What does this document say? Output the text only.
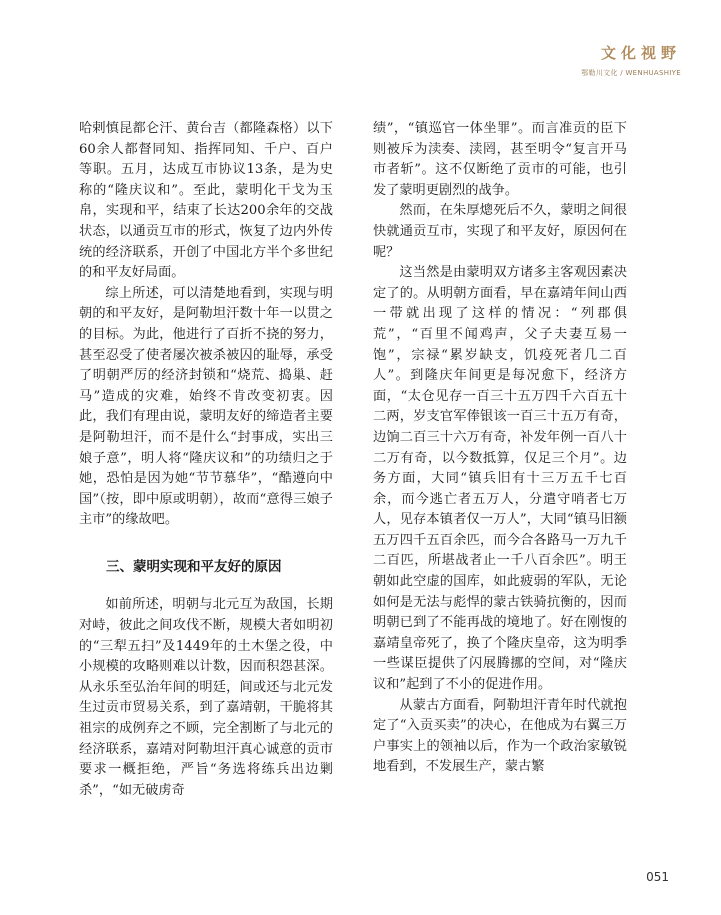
文化视野
鄂勒川文化 / WENHUASHIYE

哈剌慎昆都仑汗、黄台吉（都隆森格）以下60余人都督同知、指挥同知、千户、百户等职。五月，达成互市协议13条，是为史称的“隆庆议和”。至此，蒙明化干戈为玉帛，实现和平，结束了长达200余年的交战状态，以通贡互市的形式，恢复了边内外传统的经济联系，开创了中国北方半个多世纪的和平友好局面。

综上所述，可以清楚地看到，实现与明朝的和平友好，是阿勒坦汗数十年一以贯之的目标。为此，他进行了百折不挠的努力，甚至忍受了使者屡次被杀被囚的耻辱，承受了明朝严厉的经济封锁和“烧荒、捣巢、赶马”造成的灾难，始终不肯改变初衷。因此，我们有理由说，蒙明友好的缔造者主要是阿勒坦汗，而不是什么“封事成，实出三娘子意”，明人将“隆庆议和”的功绩归之于她，恐怕是因为她“节节慕华”，“酷遵向中国”（按，即中原或明朝），故而“意得三娘子主市”的缘故吧。

三、蒙明实现和平友好的原因

如前所述，明朝与北元互为敌国，长期对峙，彼此之间攻伐不断，规模大者如明初的“三犁五扫”及1449年的土木堡之役，中小规模的攻略则难以计数，因而积怨甚深。从永乐至弘治年间的明廷，间或还与北元发生过贡市贸易关系，到了嘉靖朝，干脆将其祖宗的成例弃之不顾，完全割断了与北元的经济联系，嘉靖对阿勒坦汗真心诚意的贡市要求一概拒绝，严旨“务选将练兵出边剿杀”，“如无破虏奇

绩”，“镇巡官一体坐罪”。而言准贡的臣下则被斥为渎奏、渎罔，甚至明令“复言开马市者斩”。这不仅断绝了贡市的可能，也引发了蒙明更剧烈的战争。

然而，在朱厚熜死后不久，蒙明之间很快就通贡互市，实现了和平友好，原因何在呢？

这当然是由蒙明双方诸多主客观因素决定了的。从明朝方面看，早在嘉靖年间山西一带就出现了这样的情况：“列郡俱荒”，“百里不闻鸡声，父子夫妻互易一饱”，宗禄“累岁缺支，饥疫死者几二百人”。到隆庆年间更是每况愈下，经济方面，“太仓见存一百三十五万四千六百五十二两，岁支官军俸银该一百三十五万有奇，边饷二百三十六万有奇，补发年例一百八十二万有奇，以今数抵算，仅足三个月”。边务方面，大同“镇兵旧有十三万五千七百余，而今逃亡者五万人，分遣守哨者七万人，见存本镇者仅一万人”，大同“镇马旧额五万四千五百余匹，而今合各路马一万九千二百匹，所堪战者止一千八百余匹”。明王朝如此空虚的国库，如此疲弱的军队，无论如何是无法与彪悍的蒙古铁骑抗衡的，因而明朝已到了不能再战的境地了。好在刚愎的嘉靖皇帝死了，换了个隆庆皇帝，这为明季一些谋臣提供了闪展腾挪的空间，对“隆庆议和”起到了不小的促进作用。

从蒙古方面看，阿勒坦汗青年时代就抱定了“入贡买卖”的决心，在他成为右翼三万户事实上的领袖以后，作为一个政治家敏锐地看到，不发展生产，蒙古繁

051
